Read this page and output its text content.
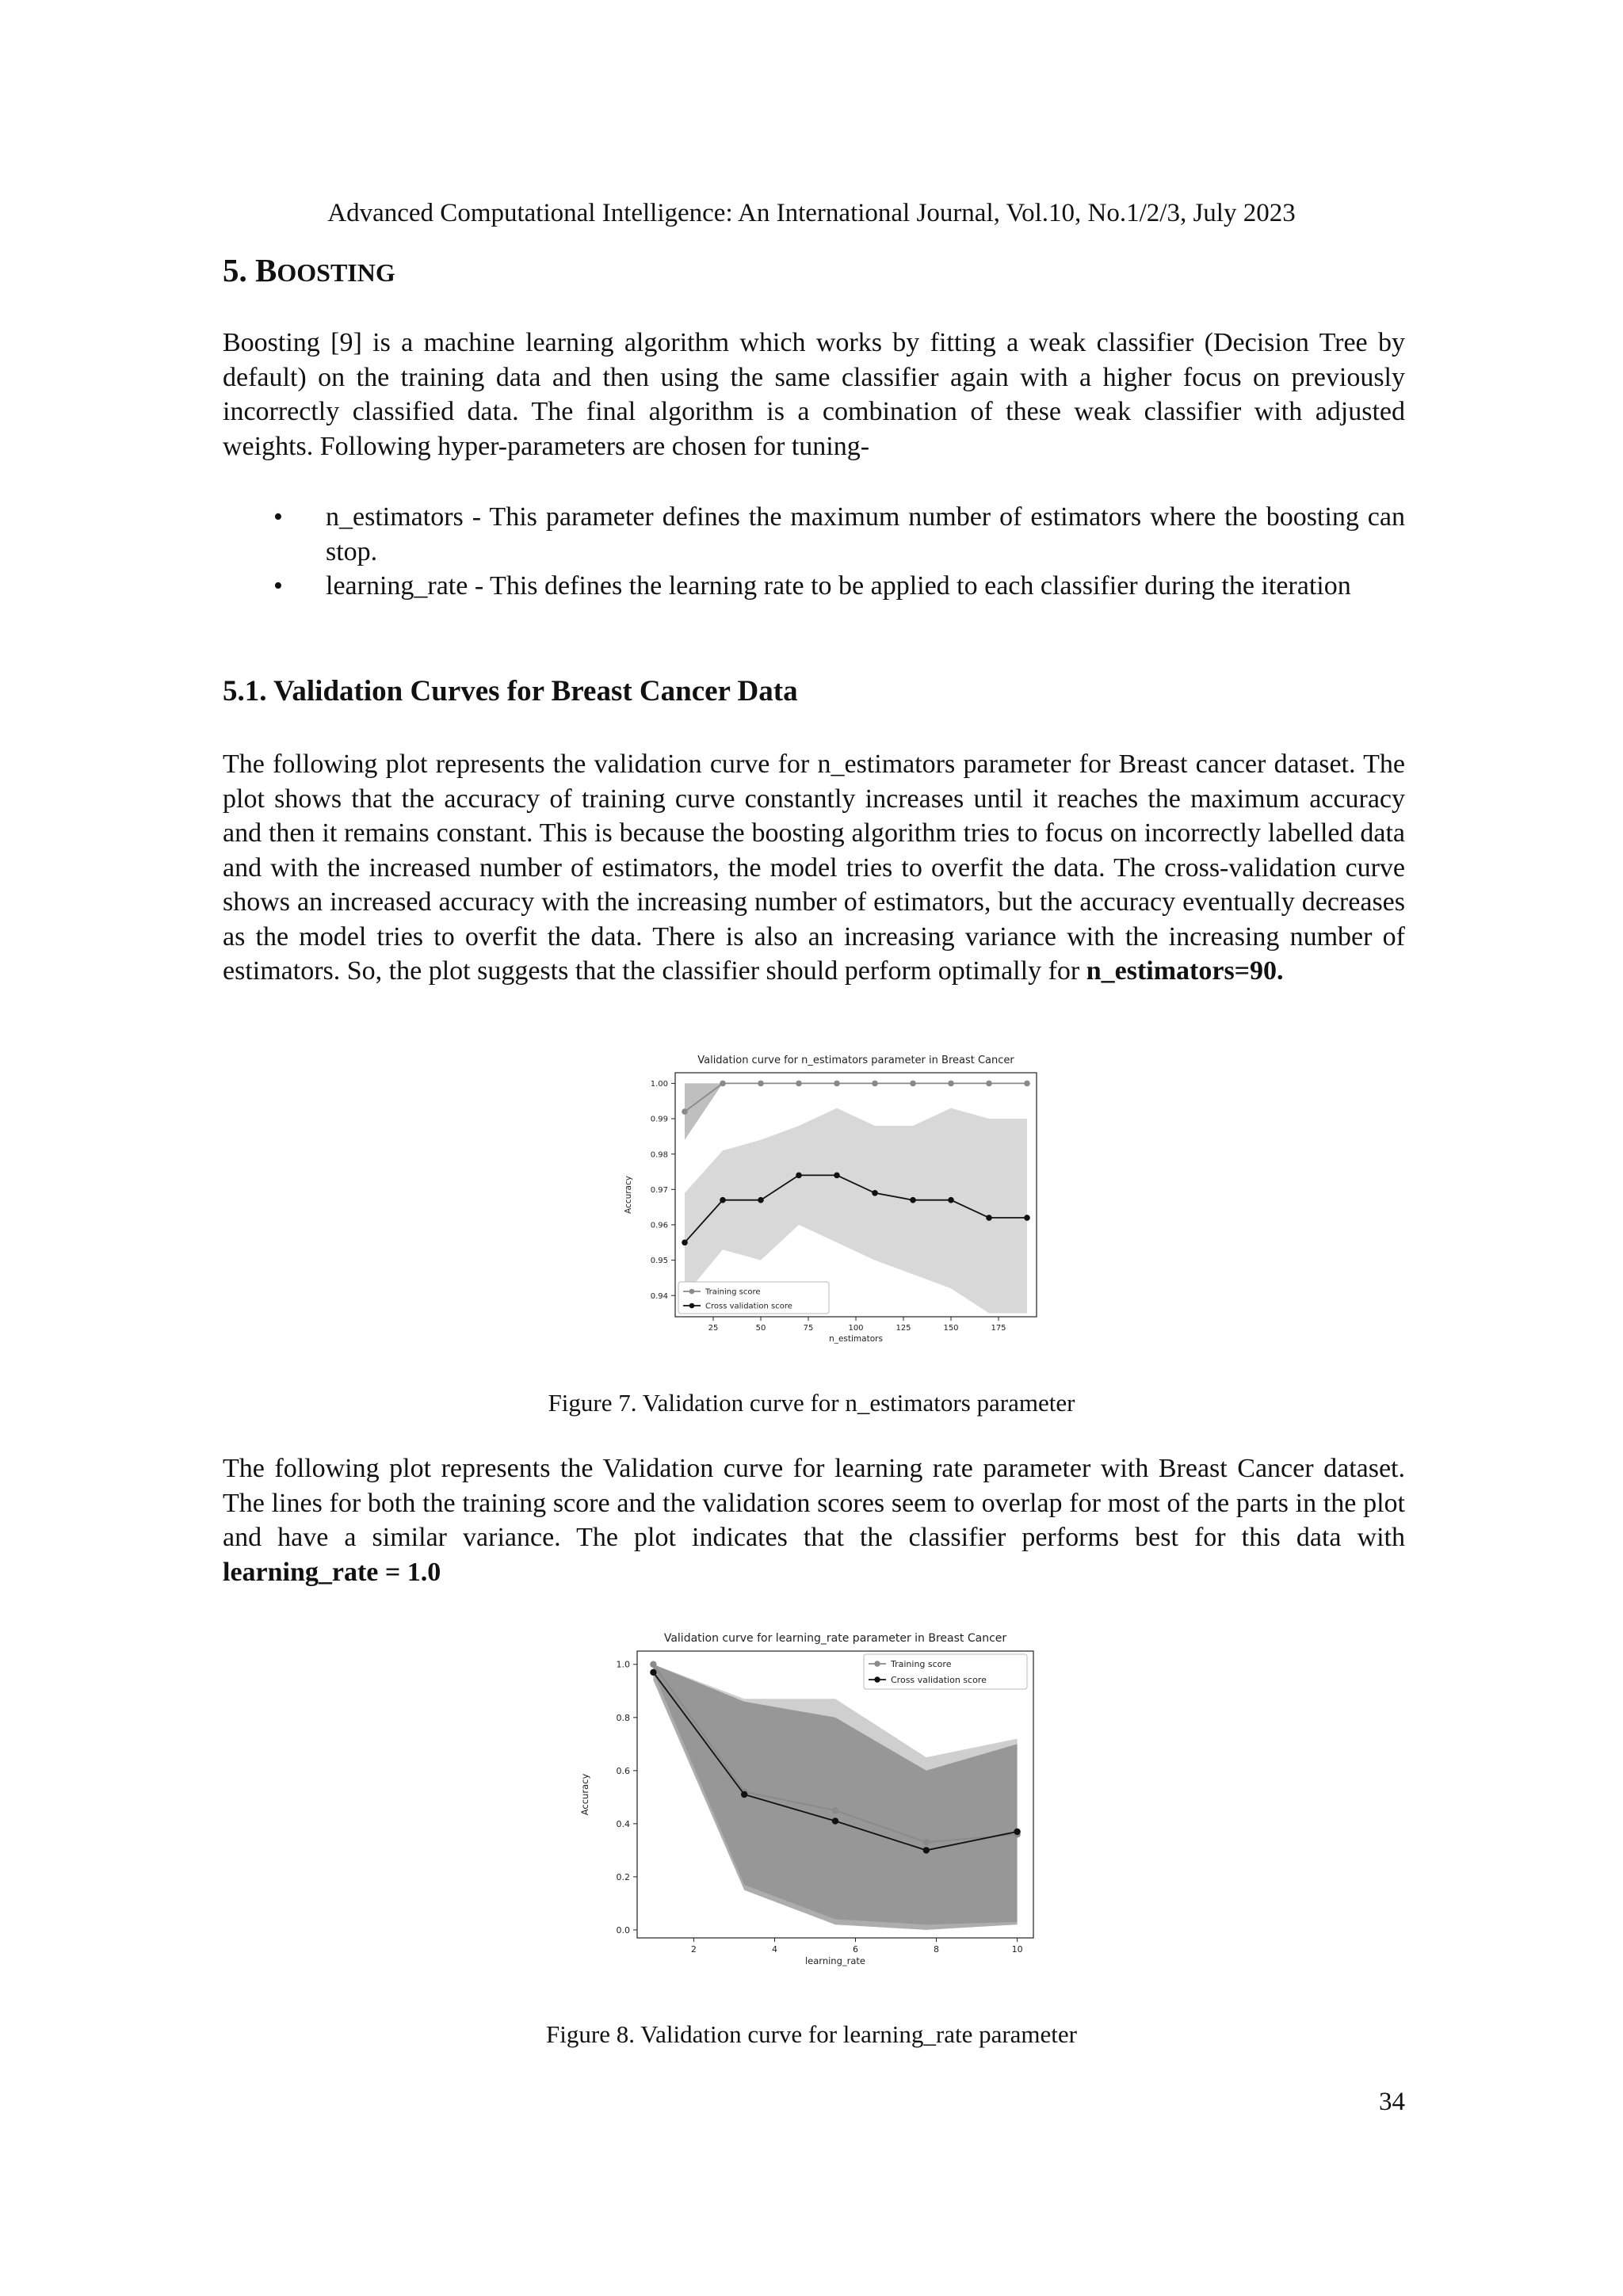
Advanced Computational Intelligence: An International Journal, Vol.10, No.1/2/3, July 2023
5. BOOSTING

Boosting [9] is a machine learning algorithm which works by fitting a weak classifier (Decision Tree by default) on the training data and then using the same classifier again with a higher focus on previously incorrectly classified data. The final algorithm is a combination of these weak classifier with adjusted weights. Following hyper-parameters are chosen for tuning-

• n_estimators - This parameter defines the maximum number of estimators where the boosting can stop.
• learning_rate - This defines the learning rate to be applied to each classifier during the iteration
5.1. Validation Curves for Breast Cancer Data

The following plot represents the validation curve for n_estimators parameter for Breast cancer dataset. The plot shows that the accuracy of training curve constantly increases until it reaches the maximum accuracy and then it remains constant. This is because the boosting algorithm tries to focus on incorrectly labelled data and with the increased number of estimators, the model tries to overfit the data. The cross-validation curve shows an increased accuracy with the increasing number of estimators, but the accuracy eventually decreases as the model tries to overfit the data. There is also an increasing variance with the increasing number of estimators. So, the plot suggests that the classifier should perform optimally for n_estimators=90.

Validation curve for n_estimators parameter in Breast Cancer
25	50	75	100	125	150	175
0.94
0.95
0.96
0.97
0.98
0.99
1.00
n_estimators
Accuracy
Training score
Cross validation score
Figure 7. Validation curve for n_estimators parameter

The following plot represents the Validation curve for learning rate parameter with Breast Cancer dataset. The lines for both the training score and the validation scores seem to overlap for most of the parts in the plot and have a similar variance. The plot indicates that the classifier performs best for this data with learning_rate = 1.0

Validation curve for learning_rate parameter in Breast Cancer
2	4	6	8	10
0.0
0.2
0.4
0.6
0.8
1.0
learning_rate
Accuracy
Training score
Cross validation score
Figure 8. Validation curve for learning_rate parameter
34
